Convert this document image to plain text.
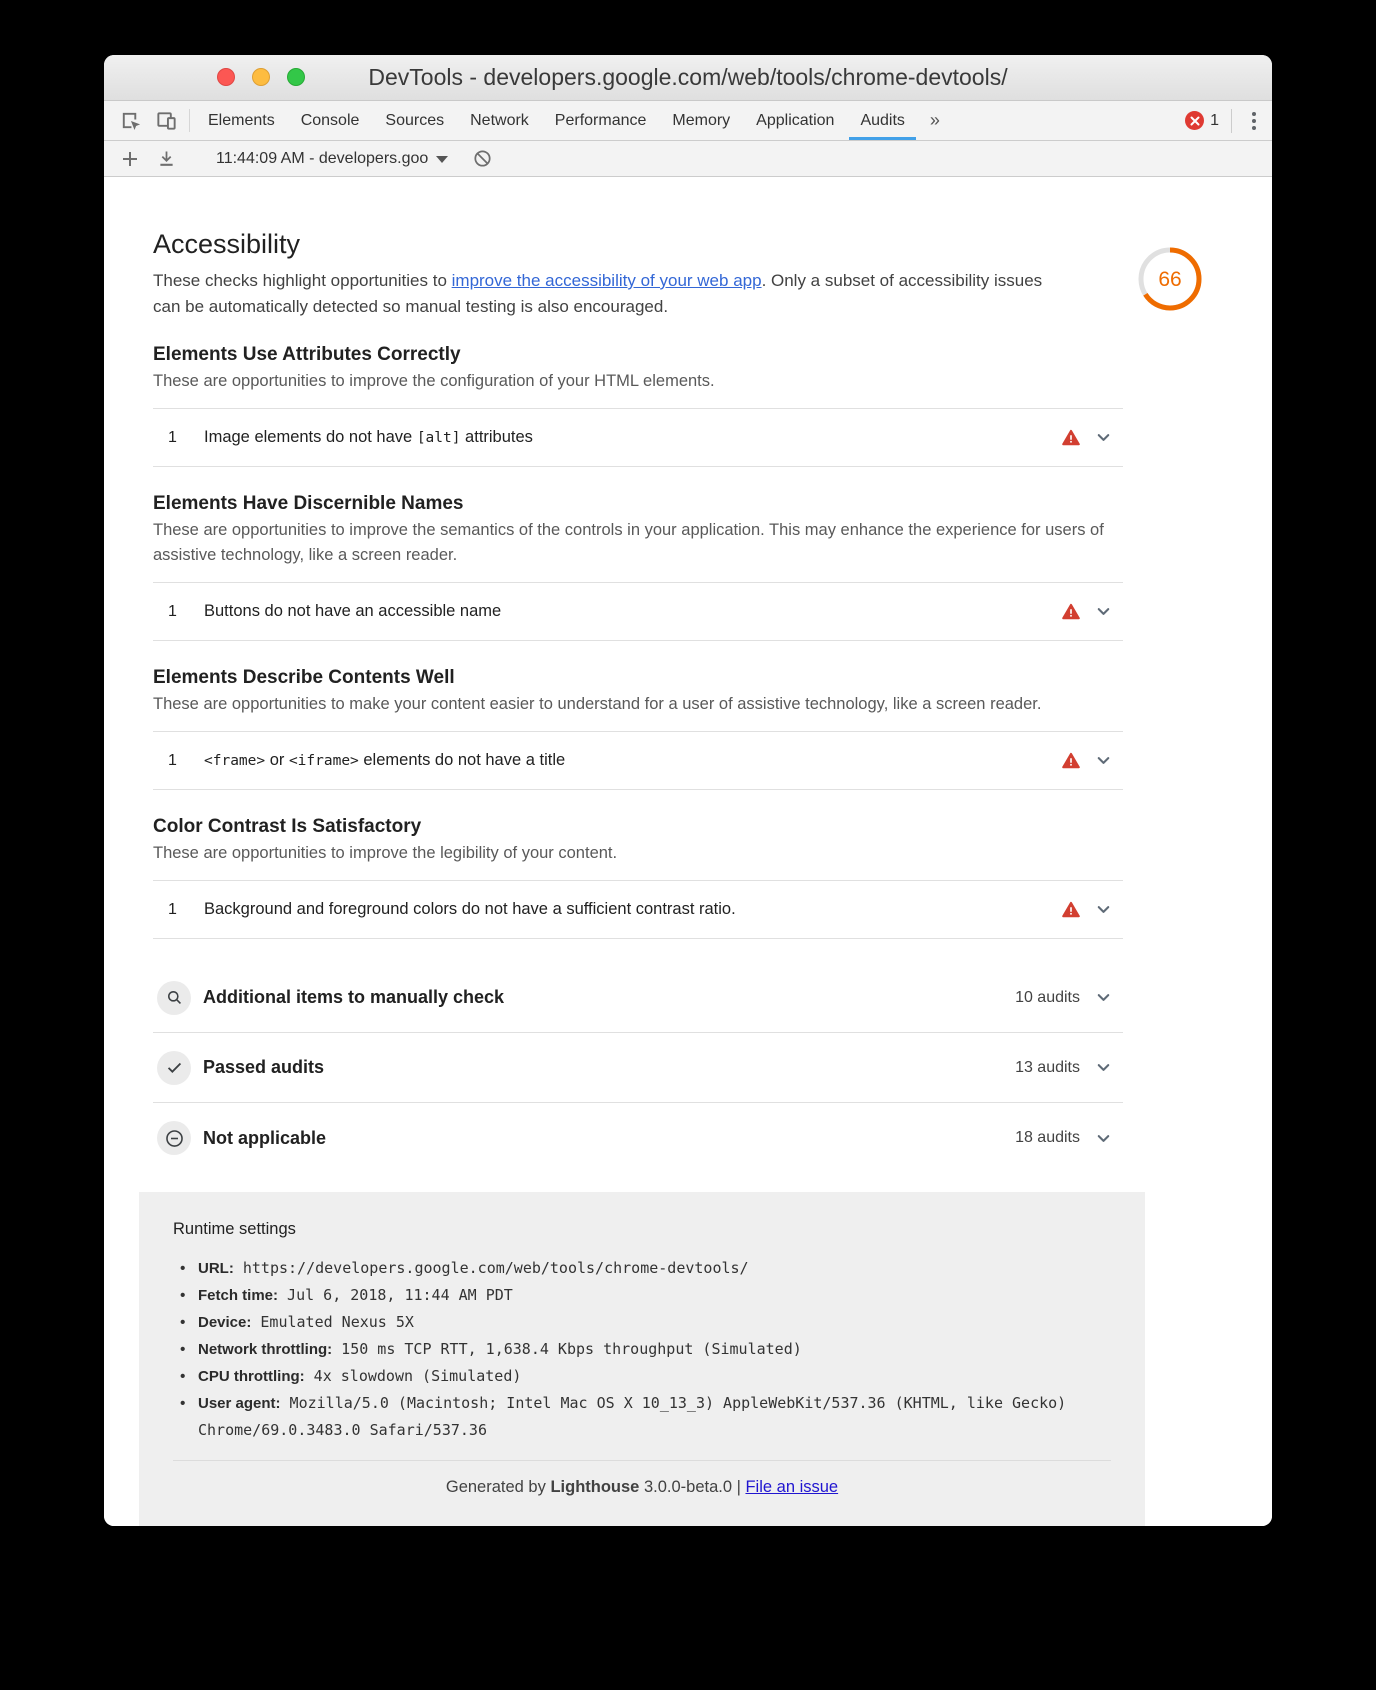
DevTools - developers.google.com/web/tools/chrome-devtools/
Elements	Console	Sources	Network	Performance	Memory	Application	Audits	»	1
11:44:09 AM - developers.goo
Accessibility

These checks highlight opportunities to improve the accessibility of your web app. Only a subset of accessibility issues can be automatically detected so manual testing is also encouraged.

66
Elements Use Attributes Correctly
These are opportunities to improve the configuration of your HTML elements.
1	Image elements do not have [alt] attributes
Elements Have Discernible Names
These are opportunities to improve the semantics of the controls in your application. This may enhance the experience for users of assistive technology, like a screen reader.
1	Buttons do not have an accessible name
Elements Describe Contents Well
These are opportunities to make your content easier to understand for a user of assistive technology, like a screen reader.
1	<frame> or <iframe> elements do not have a title
Color Contrast Is Satisfactory
These are opportunities to improve the legibility of your content.
1	Background and foreground colors do not have a sufficient contrast ratio.
Additional items to manually check	10 audits
Passed audits	13 audits
Not applicable	18 audits
Runtime settings
• URL: https://developers.google.com/web/tools/chrome-devtools/
• Fetch time: Jul 6, 2018, 11:44 AM PDT
• Device: Emulated Nexus 5X
• Network throttling: 150 ms TCP RTT, 1,638.4 Kbps throughput (Simulated)
• CPU throttling: 4x slowdown (Simulated)
• User agent: Mozilla/5.0 (Macintosh; Intel Mac OS X 10_13_3) AppleWebKit/537.36 (KHTML, like Gecko) Chrome/69.0.3483.0 Safari/537.36
Generated by Lighthouse 3.0.0-beta.0 | File an issue
